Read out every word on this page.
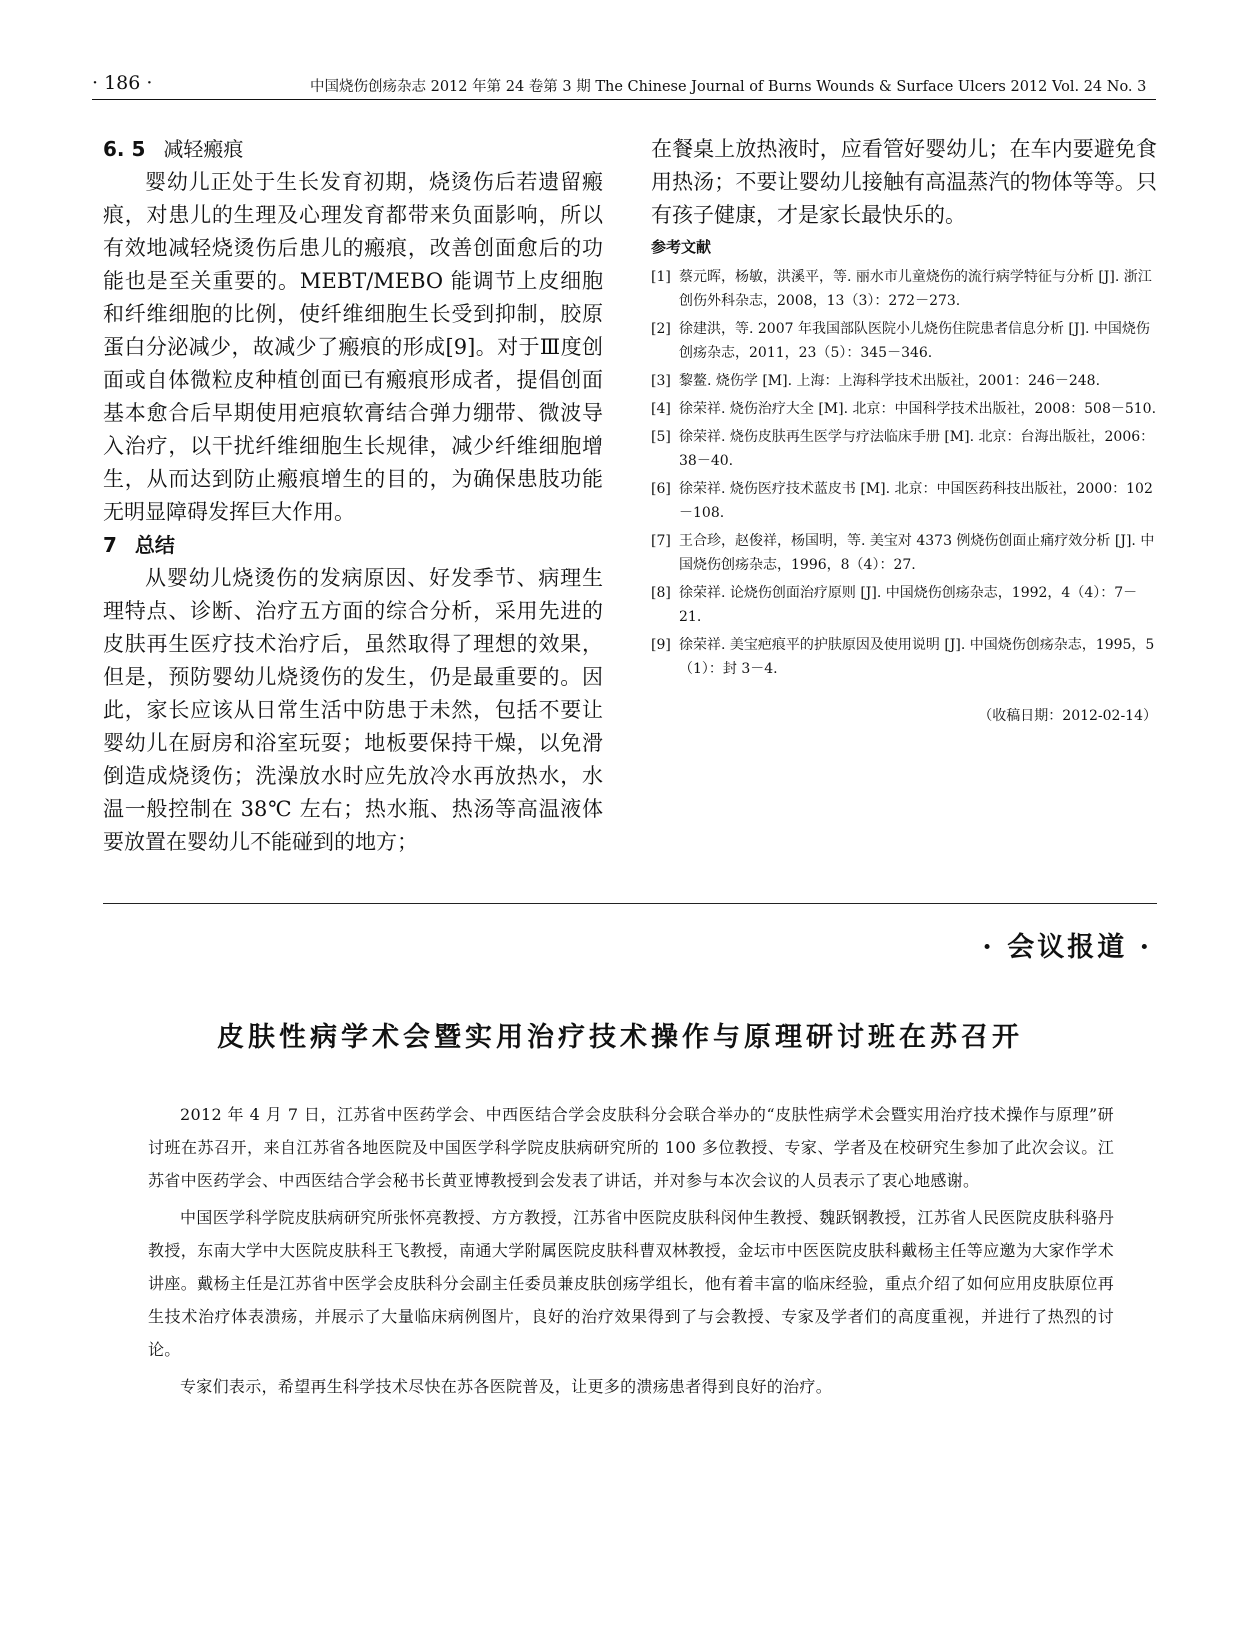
· 186 ·	中国烧伤创疡杂志 2012 年第 24 卷第 3 期 The Chinese Journal of Burns Wounds & Surface Ulcers 2012 Vol. 24 No. 3

6. 5 减轻瘢痕

婴幼儿正处于生长发育初期，烧烫伤后若遗留瘢痕，对患儿的生理及心理发育都带来负面影响，所以有效地减轻烧烫伤后患儿的瘢痕，改善创面愈后的功能也是至关重要的。MEBT/MEBO 能调节上皮细胞和纤维细胞的比例，使纤维细胞生长受到抑制，胶原蛋白分泌减少，故减少了瘢痕的形成[9]。对于Ⅲ度创面或自体微粒皮种植创面已有瘢痕形成者，提倡创面基本愈合后早期使用疤痕软膏结合弹力绷带、微波导入治疗，以干扰纤维细胞生长规律，减少纤维细胞增生，从而达到防止瘢痕增生的目的，为确保患肢功能无明显障碍发挥巨大作用。

7 总结

从婴幼儿烧烫伤的发病原因、好发季节、病理生理特点、诊断、治疗五方面的综合分析，采用先进的皮肤再生医疗技术治疗后，虽然取得了理想的效果，但是，预防婴幼儿烧烫伤的发生，仍是最重要的。因此，家长应该从日常生活中防患于未然，包括不要让婴幼儿在厨房和浴室玩耍；地板要保持干燥，以免滑倒造成烧烫伤；洗澡放水时应先放冷水再放热水，水温一般控制在 38℃ 左右；热水瓶、热汤等高温液体要放置在婴幼儿不能碰到的地方；

在餐桌上放热液时，应看管好婴幼儿；在车内要避免食用热汤；不要让婴幼儿接触有高温蒸汽的物体等等。只有孩子健康，才是家长最快乐的。

参考文献
[1] 蔡元晖，杨敏，洪溪平，等. 丽水市儿童烧伤的流行病学特征与分析 [J]. 浙江创伤外科杂志，2008，13（3）：272－273.
[2] 徐建洪，等. 2007 年我国部队医院小儿烧伤住院患者信息分析 [J]. 中国烧伤创疡杂志，2011，23（5）：345－346.
[3] 黎鳌. 烧伤学 [M]. 上海：上海科学技术出版社，2001：246－248.
[4] 徐荣祥. 烧伤治疗大全 [M]. 北京：中国科学技术出版社，2008：508－510.
[5] 徐荣祥. 烧伤皮肤再生医学与疗法临床手册 [M]. 北京：台海出版社，2006：38－40.
[6] 徐荣祥. 烧伤医疗技术蓝皮书 [M]. 北京：中国医药科技出版社，2000：102－108.
[7] 王合珍，赵俊祥，杨国明，等. 美宝对 4373 例烧伤创面止痛疗效分析 [J]. 中国烧伤创疡杂志，1996，8（4）：27.
[8] 徐荣祥. 论烧伤创面治疗原则 [J]. 中国烧伤创疡杂志，1992，4（4）：7－21.
[9] 徐荣祥. 美宝疤痕平的护肤原因及使用说明 [J]. 中国烧伤创疡杂志，1995，5（1）：封 3－4.
（收稿日期：2012-02-14）
· 会议报道 ·
皮肤性病学术会暨实用治疗技术操作与原理研讨班在苏召开

2012 年 4 月 7 日，江苏省中医药学会、中西医结合学会皮肤科分会联合举办的“皮肤性病学术会暨实用治疗技术操作与原理”研讨班在苏召开，来自江苏省各地医院及中国医学科学院皮肤病研究所的 100 多位教授、专家、学者及在校研究生参加了此次会议。江苏省中医药学会、中西医结合学会秘书长黄亚博教授到会发表了讲话，并对参与本次会议的人员表示了衷心地感谢。

中国医学科学院皮肤病研究所张怀亮教授、方方教授，江苏省中医院皮肤科闵仲生教授、魏跃钢教授，江苏省人民医院皮肤科骆丹教授，东南大学中大医院皮肤科王飞教授，南通大学附属医院皮肤科曹双林教授，金坛市中医医院皮肤科戴杨主任等应邀为大家作学术讲座。戴杨主任是江苏省中医学会皮肤科分会副主任委员兼皮肤创疡学组长，他有着丰富的临床经验，重点介绍了如何应用皮肤原位再生技术治疗体表溃疡，并展示了大量临床病例图片，良好的治疗效果得到了与会教授、专家及学者们的高度重视，并进行了热烈的讨论。

专家们表示，希望再生科学技术尽快在苏各医院普及，让更多的溃疡患者得到良好的治疗。
